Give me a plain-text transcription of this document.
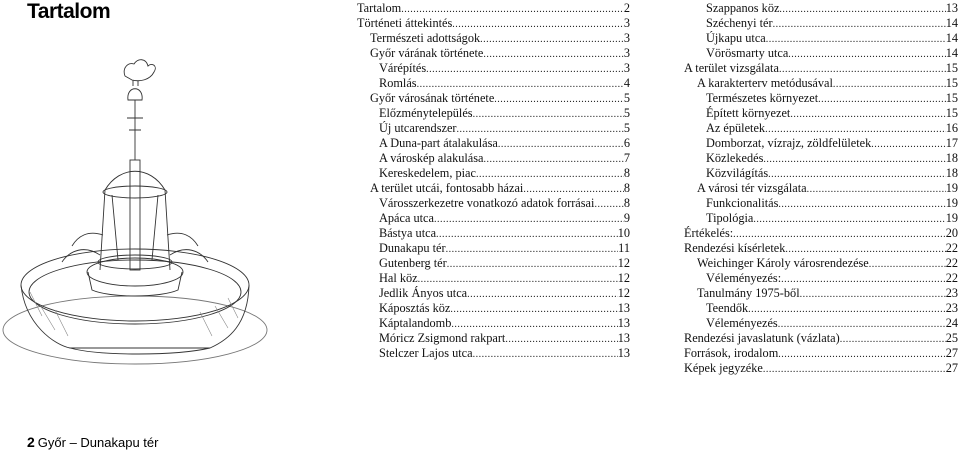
Tartalom	Tartalom .....	2
Történeti áttekintés .....	3
Természeti adottságok .....	3
Győr várának története .....	3
Várépítés .....	3
Romlás .....	4
Győr városának története .....	5
Előzménytelepülés .....	5
Új utcarendszer .....	5
A Duna-part átalakulása .....	6
A városkép alakulása .....	7
Kereskedelem, piac .....	8
A terület utcái, fontosabb házai .....	8
Városszerkezetre vonatkozó adatok forrásai ..... 8
Apáca utca .....	9
Bástya utca .....	10
Dunakapu tér .....	11
Gutenberg tér .....	12
Hal köz .....	12
Jedlik Ányos utca .....	12
Káposztás köz .....	13
Káptalandomb .....	13
Móricz Zsigmond rakpart .....	13
Stelczer Lajos utca .....	13
Szappanos köz .....	13
Széchenyi tér .....	14
Újkapu utca .....	14
Vörösmarty utca .....	14
A terület vizsgálata .....	15
A karakterterv metódusával .....	15
Természetes környezet .....	15
Épített környezet .....	15
Az épületek .....	16
Domborzat, vízrajz, zöldfelületek .....	17
Közlekedés .....	18
Közvilágítás .....	18
A városi tér vizsgálata .....	19
Funkcionalitás .....	19
Tipológia .....	19
Értékelés: .....	20
Rendezési kísérletek .....	22
Weichinger Károly városrendezése .....	22
Véleményezés: .....	22
Tanulmány 1975-ből .....	23
Teendők .....	23
Véleményezés .....	24
Rendezési javaslatunk (vázlata) .....	25
Források, irodalom .....	27
Képek jegyzéke .....	27
2 Győr – Dunakapu tér
